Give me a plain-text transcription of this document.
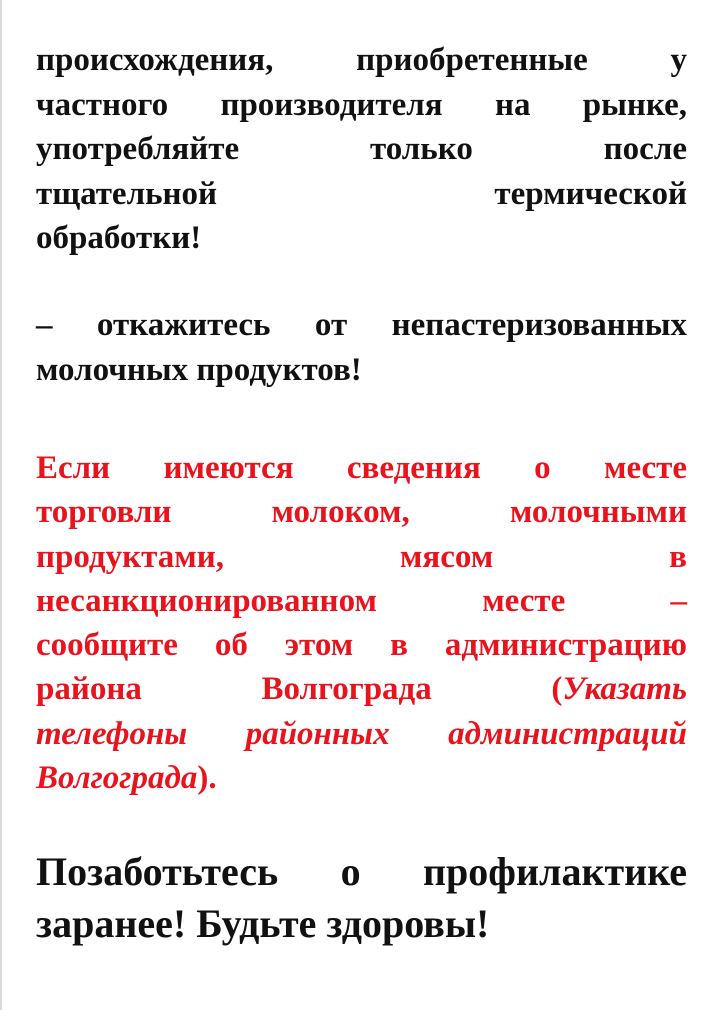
происхождения, приобретенные у
частного производителя на рынке,
употребляйте только после
тщательной термической
обработки!
– откажитесь от непастеризованных
молочных продуктов!
Если имеются сведения о месте
торговли молоком, молочными
продуктами, мясом в
несанкционированном месте –
сообщите об этом в администрацию
района Волгограда (Указать
телефоны районных администраций
Волгограда).
Позаботьтесь о профилактике
заранее! Будьте здоровы!
